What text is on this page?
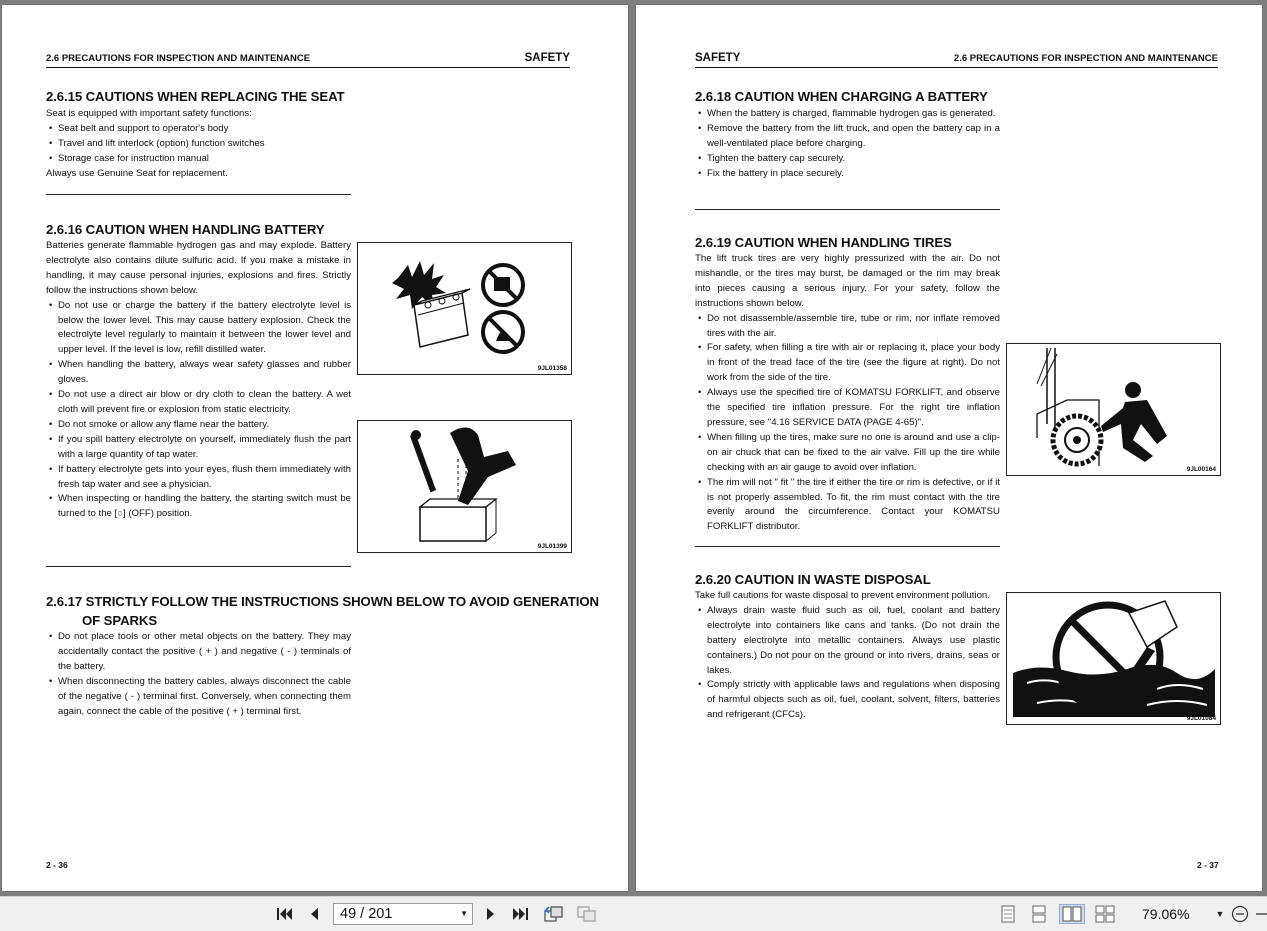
2.6 PRECAUTIONS FOR INSPECTION AND MAINTENANCE	SAFETY
2.6.15 CAUTIONS WHEN REPLACING THE SEAT

Seat is equipped with important safety functions:

• Seat belt and support to operator's body
• Travel and lift interlock (option) function switches
• Storage case for instruction manual

Always use Genuine Seat for replacement.

2.6.16 CAUTION WHEN HANDLING BATTERY

Batteries generate flammable hydrogen gas and may explode. Battery electrolyte also contains dilute sulfuric acid. If you make a mistake in handling, it may cause personal injuries, explosions and fires. Strictly follow the instructions shown below.

• Do not use or charge the battery if the battery electrolyte level is below the lower level. This may cause battery explosion. Check the electrolyte level regularly to maintain it between the lower level and upper level. If the level is low, refill distilled water.
• When handling the battery, always wear safety glasses and rubber gloves.
• Do not use a direct air blow or dry cloth to clean the battery. A wet cloth will prevent fire or explosion from static electricity.
• Do not smoke or allow any flame near the battery.
• If you spill battery electrolyte on yourself, immediately flush the part with a large quantity of tap water.
• If battery electrolyte gets into your eyes, flush them immediately with fresh tap water and see a physician.
• When inspecting or handling the battery, the starting switch must be turned to the [○] (OFF) position.
9JL01358
9JL01399
2.6.17 STRICTLY FOLLOW THE INSTRUCTIONS SHOWN BELOW TO AVOID GENERATION
OF SPARKS
• Do not place tools or other metal objects on the battery. They may accidentally contact the positive ( + ) and negative ( - ) terminals of the battery.
• When disconnecting the battery cables, always disconnect the cable of the negative ( - ) terminal first. Conversely, when connecting them again, connect the cable of the positive ( + ) terminal first.
2 - 36
SAFETY	2.6 PRECAUTIONS FOR INSPECTION AND MAINTENANCE
2.6.18 CAUTION WHEN CHARGING A BATTERY
• When the battery is charged, flammable hydrogen gas is generated.
• Remove the battery from the lift truck, and open the battery cap in a well-ventilated place before charging.
• Tighten the battery cap securely.
• Fix the battery in place securely.
2.6.19 CAUTION WHEN HANDLING TIRES

The lift truck tires are very highly pressurized with the air. Do not mishandle, or the tires may burst, be damaged or the rim may break into pieces causing a serious injury. For your safety, follow the instructions shown below.

• Do not disassemble/assemble tire, tube or rim, nor inflate removed tires with the air.
• For safety, when filling a tire with air or replacing it, place your body in front of the tread face of the tire (see the figure at right). Do not work from the side of the tire.
• Always use the specified tire of KOMATSU FORKLIFT, and observe the specified tire inflation pressure. For the right tire inflation pressure, see "4.16 SERVICE DATA (PAGE 4-65)".
• When filling up the tires, make sure no one is around and use a clip-on air chuck that can be fixed to the air valve. Fill up the tire while checking with an air gauge to avoid over inflation.
• The rim will not " fit " the tire if either the tire or rim is defective, or if it is not properly assembled. To fit, the rim must contact with the tire evenly around the circumference. Contact your KOMATSU FORKLIFT distributor.
9JL00164
2.6.20 CAUTION IN WASTE DISPOSAL

Take full cautions for waste disposal to prevent environment pollution.

• Always drain waste fluid such as oil, fuel, coolant and battery electrolyte into containers like cans and tanks. (Do not drain the battery electrolyte into metallic containers. Always use plastic containers.) Do not pour on the ground or into rivers, drains, seas or lakes.
• Comply strictly with applicable laws and regulations when disposing of harmful objects such as oil, fuel, coolant, solvent, filters, batteries and refrigerant (CFCs).	9JL01084
2 - 37
49 / 201	▼	79.06%	▼
